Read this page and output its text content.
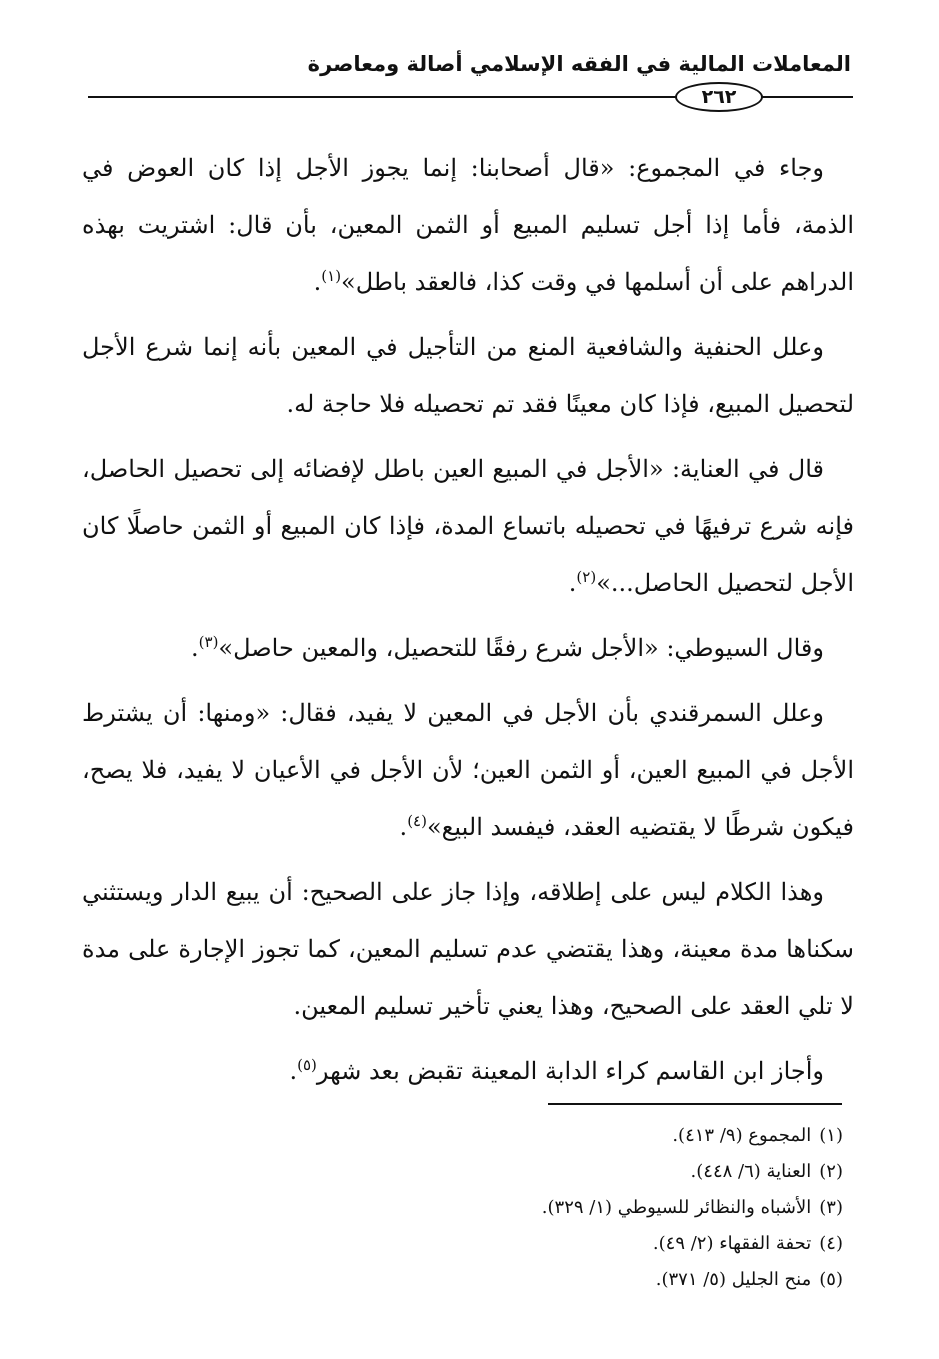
المعاملات المالية في الفقه الإسلامي أصالة ومعاصرة
٢٦٢

وجاء في المجموع: «قال أصحابنا: إنما يجوز الأجل إذا كان العوض في الذمة، فأما إذا أجل تسليم المبيع أو الثمن المعين، بأن قال: اشتريت بهذه الدراهم على أن أسلمها في وقت كذا، فالعقد باطل»$^{(١)}$.

وعلل الحنفية والشافعية المنع من التأجيل في المعين بأنه إنما شرع الأجل لتحصيل المبيع، فإذا كان معينًا فقد تم تحصيله فلا حاجة له.

قال في العناية: «الأجل في المبيع العين باطل لإفضائه إلى تحصيل الحاصل، فإنه شرع ترفيهًا في تحصيله باتساع المدة، فإذا كان المبيع أو الثمن حاصلًا كان الأجل لتحصيل الحاصل...»$^{(٢)}$.

وقال السيوطي: «الأجل شرع رفقًا للتحصيل، والمعين حاصل»$^{(٣)}$.

وعلل السمرقندي بأن الأجل في المعين لا يفيد، فقال: «ومنها: أن يشترط الأجل في المبيع العين، أو الثمن العين؛ لأن الأجل في الأعيان لا يفيد، فلا يصح، فيكون شرطًا لا يقتضيه العقد، فيفسد البيع»$^{(٤)}$.

وهذا الكلام ليس على إطلاقه، وإذا جاز على الصحيح: أن يبيع الدار ويستثني سكناها مدة معينة، وهذا يقتضي عدم تسليم المعين، كما تجوز الإجارة على مدة لا تلي العقد على الصحيح، وهذا يعني تأخير تسليم المعين.

وأجاز ابن القاسم كراء الدابة المعينة تقبض بعد شهر$^{(٥)}$.

(١)المجموع (٩/ ٤١٣).
(٢)العناية (٦/ ٤٤٨).
(٣)الأشباه والنظائر للسيوطي (١/ ٣٢٩).
(٤)تحفة الفقهاء (٢/ ٤٩).
(٥)منح الجليل (٥/ ٣٧١).
